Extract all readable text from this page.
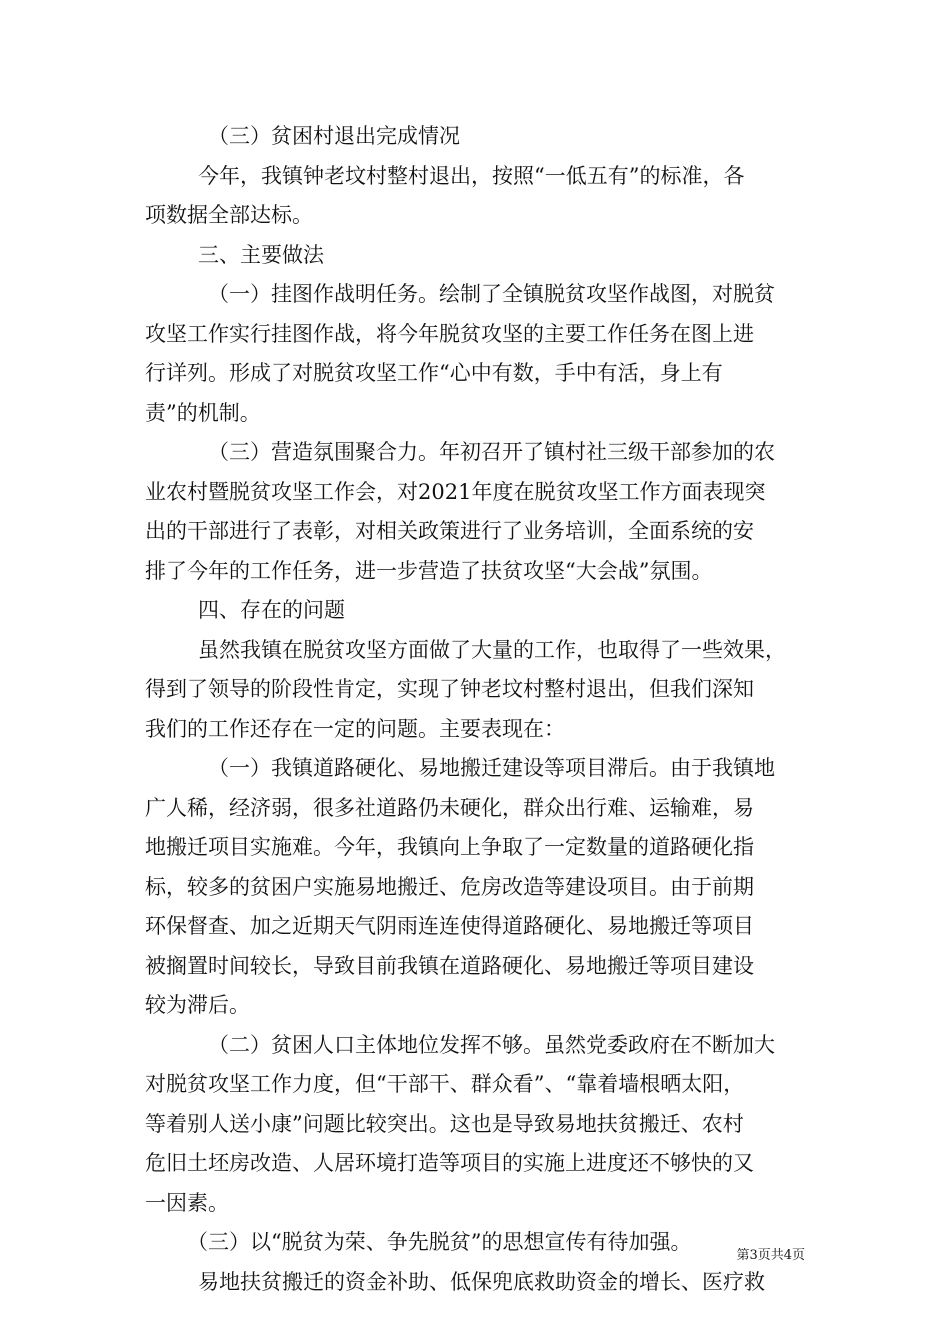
（三）贫困村退出完成情况
今年，我镇钟老坟村整村退出，按照“一低五有”的标准，各
项数据全部达标。
三、主要做法
（一）挂图作战明任务。绘制了全镇脱贫攻坚作战图，对脱贫
攻坚工作实行挂图作战，将今年脱贫攻坚的主要工作任务在图上进
行详列。形成了对脱贫攻坚工作“心中有数，手中有活，身上有
责”的机制。
（三）营造氛围聚合力。年初召开了镇村社三级干部参加的农
业农村暨脱贫攻坚工作会，对2021年度在脱贫攻坚工作方面表现突
出的干部进行了表彰，对相关政策进行了业务培训，全面系统的安
排了今年的工作任务，进一步营造了扶贫攻坚“大会战”氛围。
四、存在的问题
虽然我镇在脱贫攻坚方面做了大量的工作，也取得了一些效果，
得到了领导的阶段性肯定，实现了钟老坟村整村退出，但我们深知
我们的工作还存在一定的问题。主要表现在：
（一）我镇道路硬化、易地搬迁建设等项目滞后。由于我镇地
广人稀，经济弱，很多社道路仍未硬化，群众出行难、运输难，易
地搬迁项目实施难。今年，我镇向上争取了一定数量的道路硬化指
标，较多的贫困户实施易地搬迁、危房改造等建设项目。由于前期
环保督查、加之近期天气阴雨连连使得道路硬化、易地搬迁等项目
被搁置时间较长，导致目前我镇在道路硬化、易地搬迁等项目建设
较为滞后。
（二）贫困人口主体地位发挥不够。虽然党委政府在不断加大
对脱贫攻坚工作力度，但“干部干、群众看”、“靠着墙根晒太阳，
等着别人送小康”问题比较突出。这也是导致易地扶贫搬迁、农村
危旧土坯房改造、人居环境打造等项目的实施上进度还不够快的又
一因素。
（三）以“脱贫为荣、争先脱贫”的思想宣传有待加强。
易地扶贫搬迁的资金补助、低保兜底救助资金的增长、医疗救
第3页共4页
